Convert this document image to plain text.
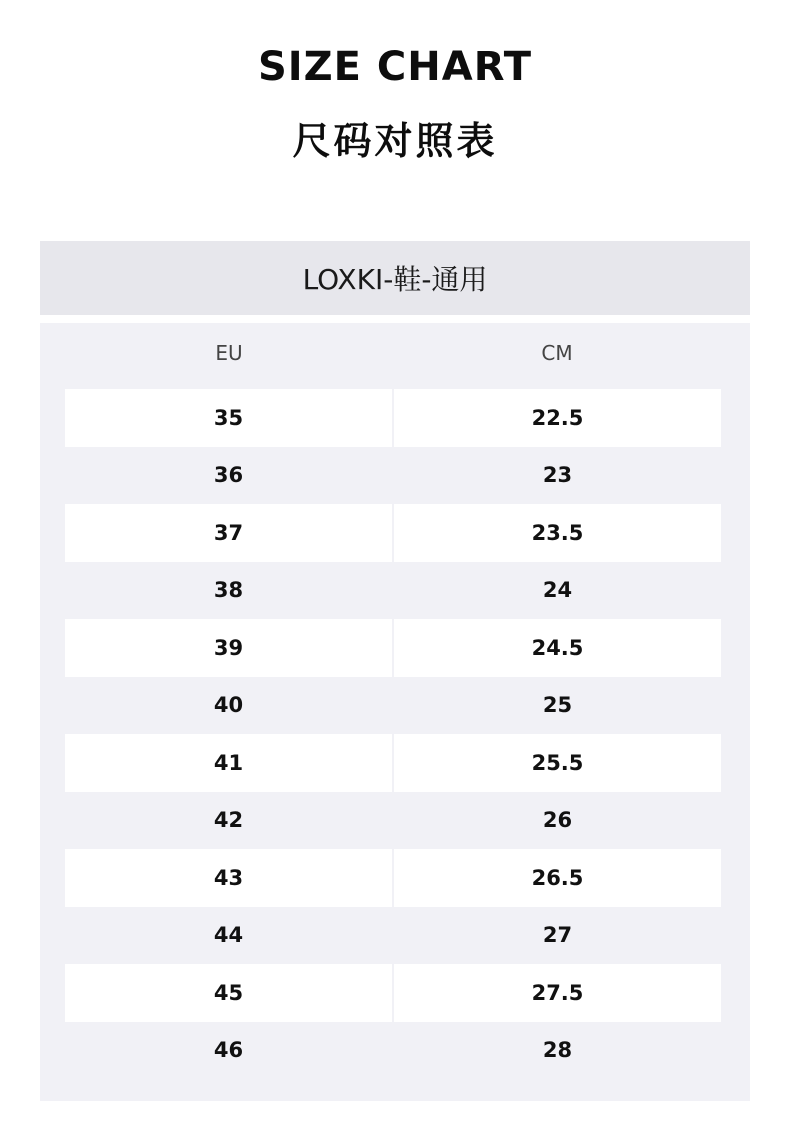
SIZE CHART
尺码对照表
LOXKI-鞋-通用
EU	CM
35	22.5
36	23
37	23.5
38	24
39	24.5
40	25
41	25.5
42	26
43	26.5
44	27
45	27.5
46	28
